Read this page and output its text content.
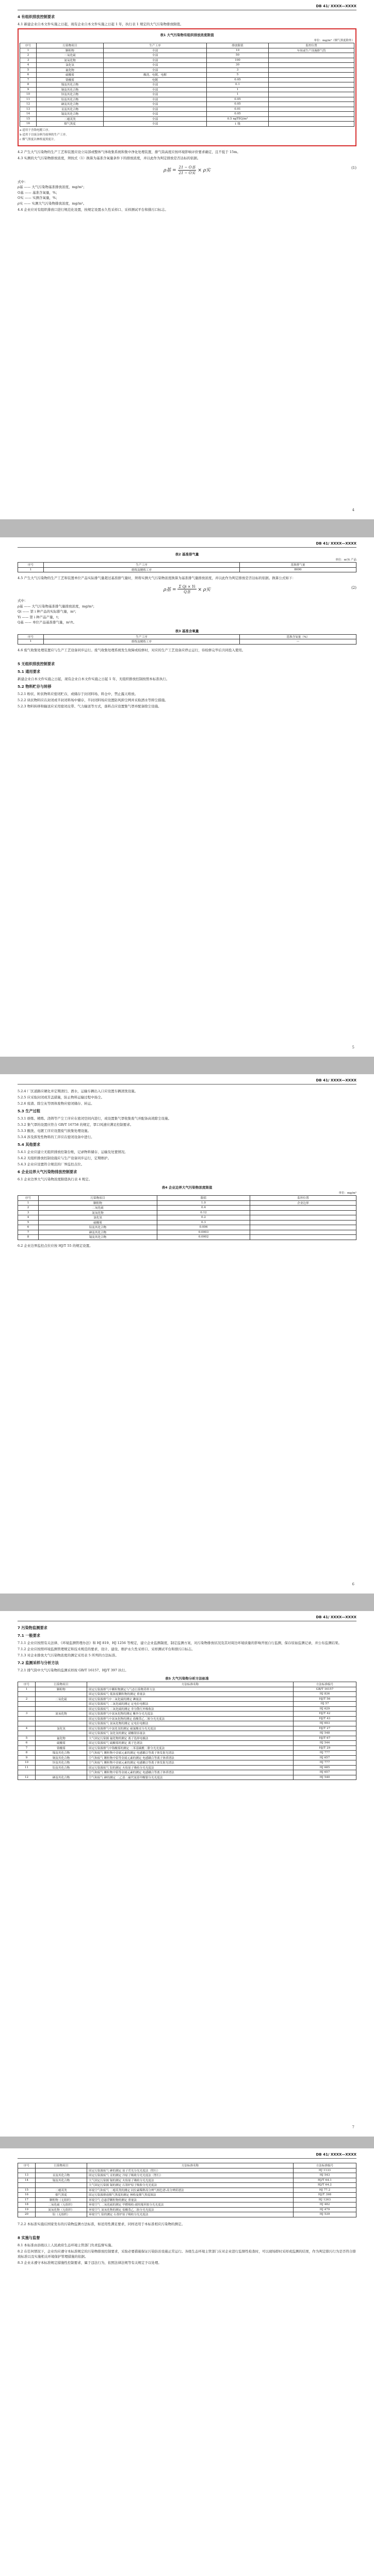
DB 41/ XXXX—XXXX
4 有组织排放控制要求

4.1 新建企业自本文件实施之日起，现有企业自本文件实施之日起 1 年，执行表 1 规定的大气污染物排放限值。

表1 大气污染物有组织排放浓度限值
单位：mg/m³（烟气黑度除外）
序号	污染物项目	生产工序	排放限值	监控位置
1	颗粒物	全部	10	车间或生产设施排气筒
2	二氧化硫	全部	50	
3	氮氧化物	全部	100	
4	氯化氢	全部	30	
5	氟化物	全部	3	
6	硫酸雾	酸洗、电镀、电解	5	
7	铬酸雾	电镀	0.05	
8	镍及其化合物	全部	0.1	
9	铜及其化合物	全部	1	
10	锌及其化合物	全部	1	
11	铅及其化合物	全部	0.05	
12	砷及其化合物	全部	0.05	
13	汞及其化合物	全部	0.01	
14	镉及其化合物	全部	0.05	
15	二噁英类	全部	0.5 ngTEQ/m³	
16	烟气黑度	全部	1 级	
a 适用于含铬电镀工序。
b 适用于以废杂料为原料的生产工序。
c 烟气黑度以林格曼黑度计。

4.2 产生大气污染物的生产工艺和装置应设立局部或整体气体收集系统和集中净化处理装置，排气筒高度应按环境影响评价要求确定，且不低于 15m。

4.3 实测的大气污染物排放浓度，须按式（1）换算为基准含氧量条件下的排放浓度，并以此作为判定排放是否达标的依据。

ρ基 = $\frac{\text{21 − O基}}{\text{21 − O实}} \times \rho$实	(1)

式中：

ρ基 —— 大气污染物基准排放浓度，mg/m³；

O基 —— 基准含氧量，%；

O实 —— 实测含氧量，%；

ρ实 —— 实测大气污染物排放浓度，mg/m³。

4.4 企业应对有组织排放口进行规范化设置，按规定设置永久性采样口、采样测试平台和排污口标志。

4
DB 41/ XXXX—XXXX
表2 基准排气量
单位：m³/t 产品
序号	生产工序	基准排气量
1	熔炼及精炼工序	8000

4.5 产生大气污染物的生产工艺和装置单位产品实际排气量超过基准排气量时，须将实测大气污染物浓度换算为基准排气量排放浓度，并以此作为判定排放是否达标的依据。换算公式如下：

ρ基 = $\frac{\text{Σ Qi × Yi}}{\text{Q基}} \times \rho$实	(2)

式中：

ρ基 —— 大气污染物基准排气量排放浓度，mg/m³；

Qi —— 第 i 种产品的实际排气量，m³；

Yi —— 第 i 种产品产量，t；

Q基 —— 单位产品基准排气量，m³/t。

表3 基准含氧量
序号	生产工序	基准含氧量（%）
1	熔炼及精炼工序	—

4.6 废气收集处理装置应与生产工艺设备同步运行。废气收集处理系统发生故障或检修时，对应的生产工艺设备应停止运行，待检修完毕后共同投入使用。

5 无组织排放控制要求
5.1 通用要求

新建企业自本文件实施之日起，现有企业自本文件实施之日起 1 年，无组织排放控制按照本标准执行。

5.2 物料贮存与转移

5.2.1 粉状、粒状物料应密闭贮存，或储存于封闭料场、料仓中，禁止露天堆放。

5.2.2 块状物料应在封闭或半封闭料场中储存，半封闭料场应设置防风抑尘网并采取洒水等抑尘措施。

5.2.3 物料转移和输送应采用密闭皮带、气力输送等方式，落料点应设置集气罩并配备除尘设施。

5
DB 41/ XXXX—XXXX

5.2.4 厂区道路应硬化并定期清扫、洒水，运输车辆出入口应设置车辆清洗设施。

5.2.5 应采取封闭或苫盖措施，防止物料运输过程中扬尘。

5.2.6 废渣、除尘灰等固体废物应密闭储存、转运。

5.3 生产过程

5.3.1 熔炼、精炼、浇铸等产尘工序应在密闭空间内进行，或设置集气罩收集废气并配备高效除尘设施。

5.3.2 集气罩的设置应符合 GB/T 16758 的规定，罩口风速应满足控制要求。

5.3.3 酸洗、电镀工序应设置废气收集处理设施。

5.3.4 涉及挥发性物料的工序应在密闭设备中进行。

5.4 其他要求

5.4.1 企业应建立无组织排放控制台账，记录物料储存、运输及处置情况。

5.4.2 无组织排放控制设施应与生产设备同步运行，定期维护。

5.4.3 企业应设置符合规范的厂界监控点位。

6 企业边界大气污染物排放控制要求

6.1 企业边界大气污染物浓度限值执行表 4 规定。

表4 企业边界大气污染物浓度限值
单位：mg/m³
序号	污染物项目	限值	监控位置
1	颗粒物	1.0	企业边界
2	二氧化硫	0.4	
3	氮氧化物	0.12	
4	氯化氢	0.2	
5	硫酸雾	0.3	
6	铅及其化合物	0.006	
7	砷及其化合物	0.0003	
8	镉及其化合物	0.0002	

6.2 企业边界监控点位应按 HJ/T 55 的规定设置。

6
DB 41/ XXXX—XXXX
7 污染物监测要求
7.1 一般要求

7.1.1 企业应按照有关法律、《环境监测管理办法》和 HJ 819、HJ 1256 等规定，建立企业监测制度，制定监测方案，对污染物排放状况及其对周边环境质量的影响开展自行监测，保存原始监测记录，并公布监测结果。

7.1.2 企业应按照环境监测管理规定和技术规范的要求，设计、建设、维护永久性采样口、采样测试平台和排污口标志。

7.1.3 对企业排放大气污染物浓度的测定采用表 5 所列的方法标准。

7.2 监测采样与分析方法

7.2.1 排气筒中大气污染物的监测采样按 GB/T 16157、HJ/T 397 执行。

表5 大气污染物分析方法标准
序号	污染物项目	方法标准名称	方法标准编号
1	颗粒物	固定污染源排气中颗粒物测定与气态污染物采样方法	GB/T 16157
		固定污染源废气 低浓度颗粒物的测定 重量法	HJ 836
2	二氧化硫	固定污染源排气中二氧化硫的测定 碘量法	HJ/T 56
		固定污染源废气 二氧化硫的测定 定电位电解法	HJ 57
		固定污染源废气 二氧化硫的测定 非分散红外吸收法	HJ 629
3	氮氧化物	固定污染源排气中氮氧化物的测定 紫外分光光度法	HJ/T 42
		固定污染源排气中氮氧化物的测定 盐酸萘乙二胺分光光度法	HJ/T 43
		固定污染源废气 氮氧化物的测定 定电位电解法	HJ 693
4	氯化氢	固定污染源排气中氯化氢的测定 硫氰酸汞分光光度法	HJ/T 27
		固定污染源废气 氯化氢的测定 硝酸银容量法	HJ 548
5	氟化物	大气固定污染源 氟化物的测定 离子选择电极法	HJ/T 67
6	硫酸雾	固定污染源废气 硫酸雾的测定 离子色谱法	HJ 544
7	铬酸雾	固定污染源排气中铬酸雾的测定 二苯基碳酰二肼分光光度法	HJ/T 29
8	镍及其化合物	空气和废气 颗粒物中金属元素的测定 电感耦合等离子体发射光谱法	HJ 777
9	铜及其化合物	空气和废气 颗粒物中铅等金属元素的测定 电感耦合等离子体质谱法	HJ 657
10	锌及其化合物	空气和废气 颗粒物中金属元素的测定 电感耦合等离子体发射光谱法	HJ 777
11	铅及其化合物	固定污染源废气 铅的测定 火焰原子吸收分光光度法	HJ 685
		空气和废气 颗粒物中铅等金属元素的测定 电感耦合等离子体质谱法	HJ 657
12	砷及其化合物	空气和废气 砷的测定 二乙基二硫代氨基甲酸银分光光度法	HJ 540
7
DB 41/ XXXX—XXXX
序号	污染物项目	方法标准名称	方法标准编号
		固定污染源废气 砷的测定 原子荧光分光光度法（暂行）	HJ 1133
13	汞及其化合物	固定污染源废气 汞的测定 冷原子吸收分光光度法（暂行）	HJ 543
14	镉及其化合物	大气固定污染源 镉的测定 火焰原子吸收分光光度法	HJ/T 64.1
		大气固定污染源 镉的测定 石墨炉原子吸收分光光度法	HJ/T 64.2
15	二噁英类	环境空气和废气 二噁英类的测定 同位素稀释高分辨气相色谱-高分辨质谱法	HJ 77.2
16	烟气黑度	固定污染源排放烟气黑度的测定 林格曼烟气黑度图法	HJ/T 398
17	颗粒物（无组织）	环境空气 总悬浮颗粒物的测定 重量法	HJ 1263
18	二氧化硫（无组织）	环境空气 二氧化硫的测定 甲醛吸收-副玫瑰苯胺分光光度法	HJ 482
19	氮氧化物（无组织）	环境空气 氮氧化物的测定 盐酸萘乙二胺分光光度法	HJ 479
20	铅（无组织）	环境空气 铅的测定 石墨炉原子吸收分光光度法	HJ 539

7.2.2 本标准实施后国家发布的污染物监测方法标准，如适用性满足要求，同样适用于本标准相应污染物的测定。

8 实施与监督

8.1 本标准由县级以上人民政府生态环境主管部门负责监督实施。

8.2 在任何情况下，企业均应遵守本标准规定的污染物排放控制要求，采取必要措施保证污染防治设施正常运行。各级生态环境主管部门在对企业进行监督性检查时，可以现场即时采样或监测的结果，作为判定排污行为是否符合排放标准以及实施相关环境保护管理措施的依据。

8.3 企业未遵守本标准规定措施性控制要求，属于违法行为，依照法律法规等有关规定予以处理。
